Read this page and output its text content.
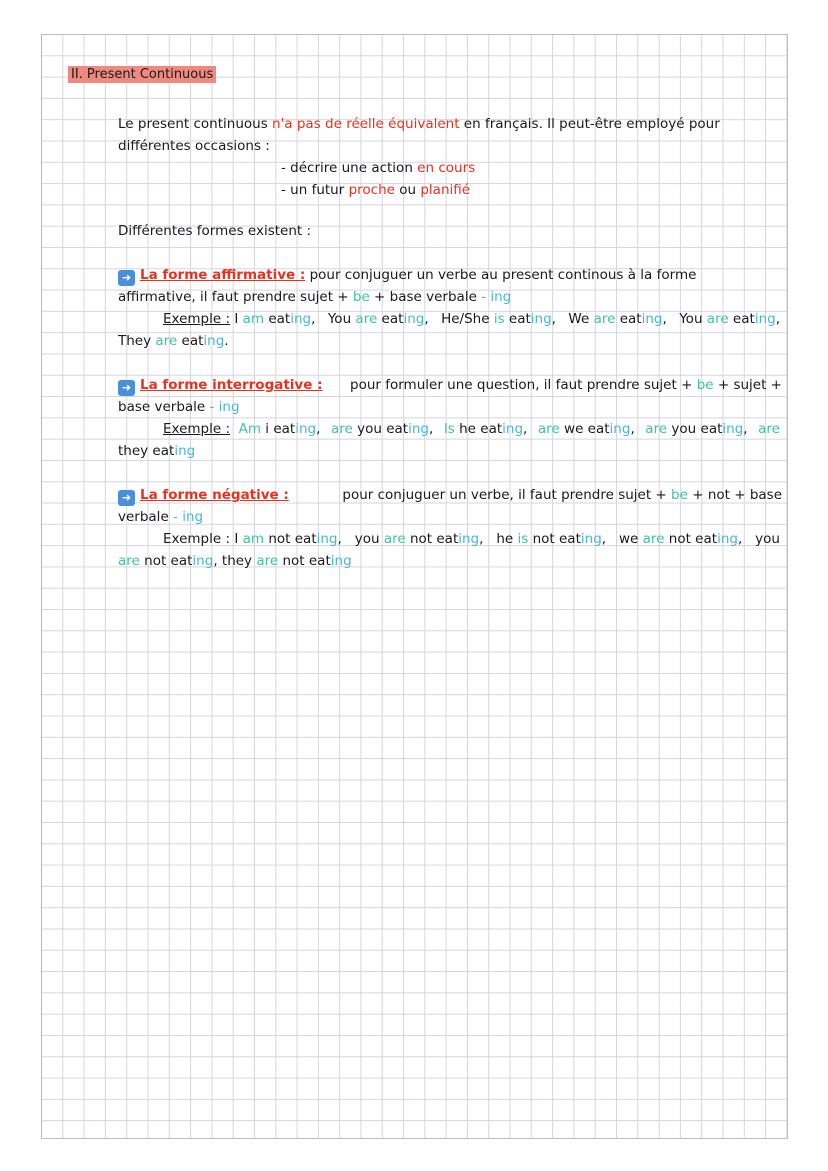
II. Present Continuous
Le present continuous n'a pas de réelle équivalent en français. Il peut-être employé pour
différentes occasions :
- décrire une action en cours
- un futur proche ou planifié
Différentes formes existent :
➜ La forme affirmative : pour conjuguer un verbe au present continous à la forme
affirmative, il faut prendre sujet + be + base verbale - ing
Exemple : I am eating, You are eating, He/She is eating, We are eating, You are eating,
They are eating.
➜ La forme interrogative : pour formuler une question, il faut prendre sujet + be + sujet +
base verbale - ing
Exemple : Am i eating, are you eating, Is he eating, are we eating, are you eating, are
they eating
➜ La forme négative :	pour conjuguer un verbe, il faut prendre sujet + be + not + base
verbale - ing
Exemple : I am not eating, you are not eating, he is not eating, we are not eating, you
are not eating, they are not eating
